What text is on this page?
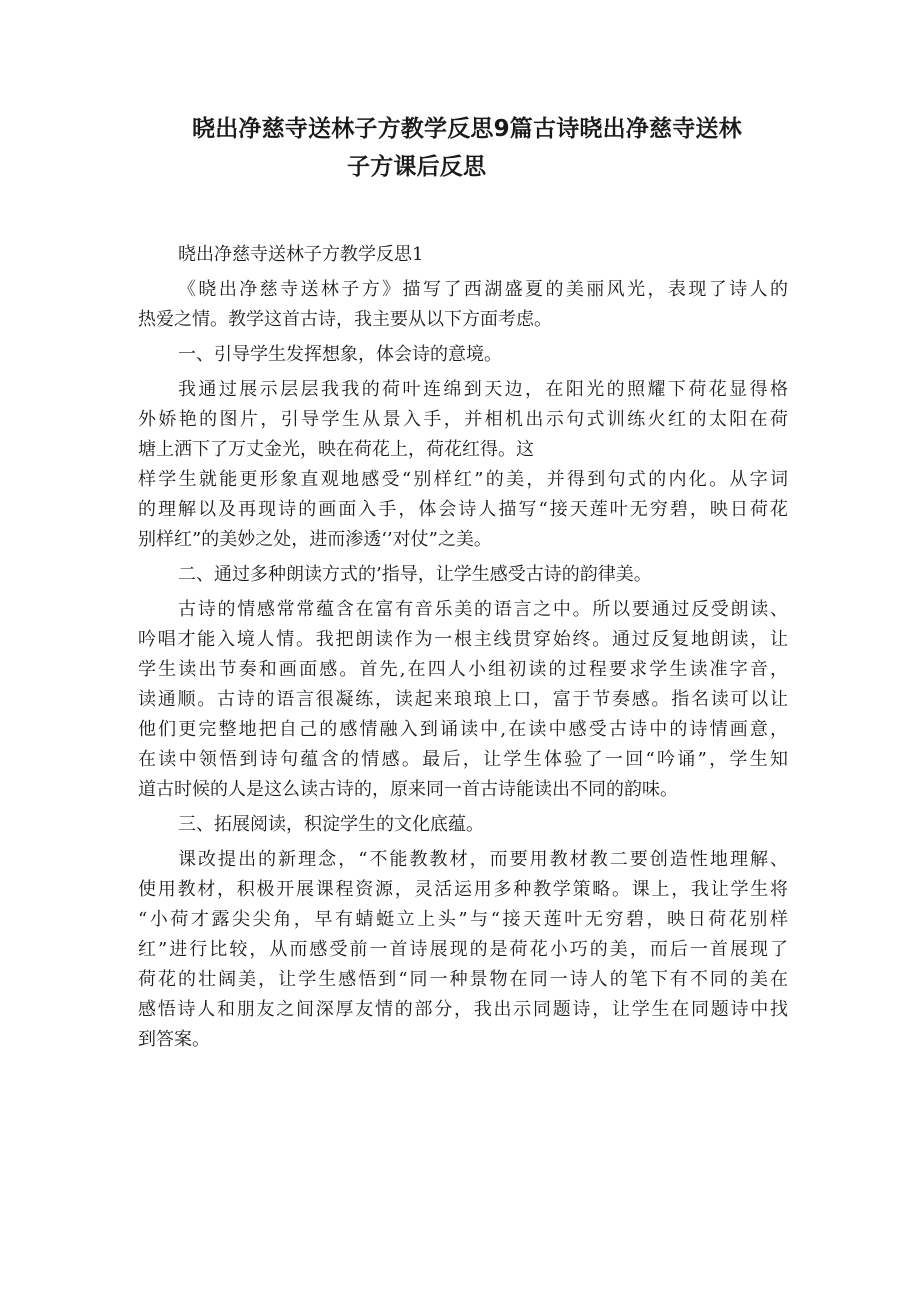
晓出净慈寺送林子方教学反思9篇古诗晓出净慈寺送林
子方课后反思

晓出净慈寺送林子方教学反思1

《晓出净慈寺送林子方》描写了西湖盛夏的美丽风光，表现了诗人的
热爱之情。教学这首古诗，我主要从以下方面考虑。

一、引导学生发挥想象，体会诗的意境。

我通过展示层层我我的荷叶连绵到天边，在阳光的照耀下荷花显得格
外娇艳的图片，引导学生从景入手，并相机出示句式训练火红的太阳在荷
塘上洒下了万丈金光，映在荷花上，荷花红得。这
样学生就能更形象直观地感受“别样红”的美，并得到句式的内化。从字词
的理解以及再现诗的画面入手，体会诗人描写“接天莲叶无穷碧，映日荷花
别样红”的美妙之处，进而渗透‘’对仗”之美。

二、通过多种朗读方式的’指导，让学生感受古诗的韵律美。

古诗的情感常常蕴含在富有音乐美的语言之中。所以要通过反受朗读、
吟唱才能入境人情。我把朗读作为一根主线贯穿始终。通过反复地朗读，让
学生读出节奏和画面感。首先,在四人小组初读的过程要求学生读准字音，
读通顺。古诗的语言很凝练，读起来琅琅上口，富于节奏感。指名读可以让
他们更完整地把自己的感情融入到诵读中,在读中感受古诗中的诗情画意，
在读中领悟到诗句蕴含的情感。最后，让学生体验了一回“吟诵”，学生知
道古时候的人是这么读古诗的，原来同一首古诗能读出不同的韵味。

三、拓展阅读，积淀学生的文化底蕴。

课改提出的新理念，“不能教教材，而要用教材教二要创造性地理解、
使用教材，积极开展课程资源，灵活运用多种教学策略。课上，我让学生将
“小荷才露尖尖角，早有蜻蜓立上头”与“接天莲叶无穷碧，映日荷花别样
红”进行比较，从而感受前一首诗展现的是荷花小巧的美，而后一首展现了
荷花的壮阔美，让学生感悟到“同一种景物在同一诗人的笔下有不同的美在
感悟诗人和朋友之间深厚友情的部分，我出示同题诗，让学生在同题诗中找
到答案。
